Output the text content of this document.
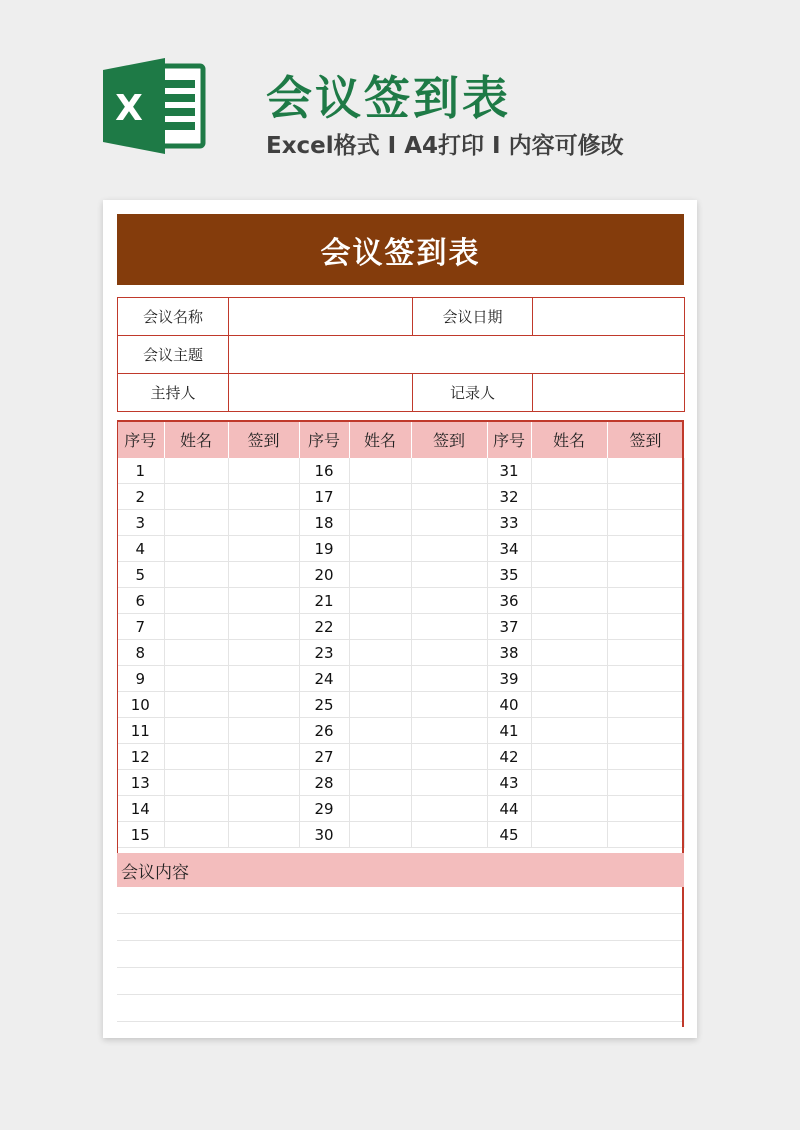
X	会议签到表
Excel格式 I A4打印 I 内容可修改
会议签到表
会议名称		会议日期	
会议主题			
主持人		记录人	
序号	姓名	签到	序号	姓名	签到	序号	姓名	签到
1			16			31		
2			17			32		
3			18			33		
4			19			34		
5			20			35		
6			21			36		
7			22			37		
8			23			38		
9			24			39		
10			25			40		
11			26			41		
12			27			42		
13			28			43		
14			29			44		
15			30			45		
会议内容
